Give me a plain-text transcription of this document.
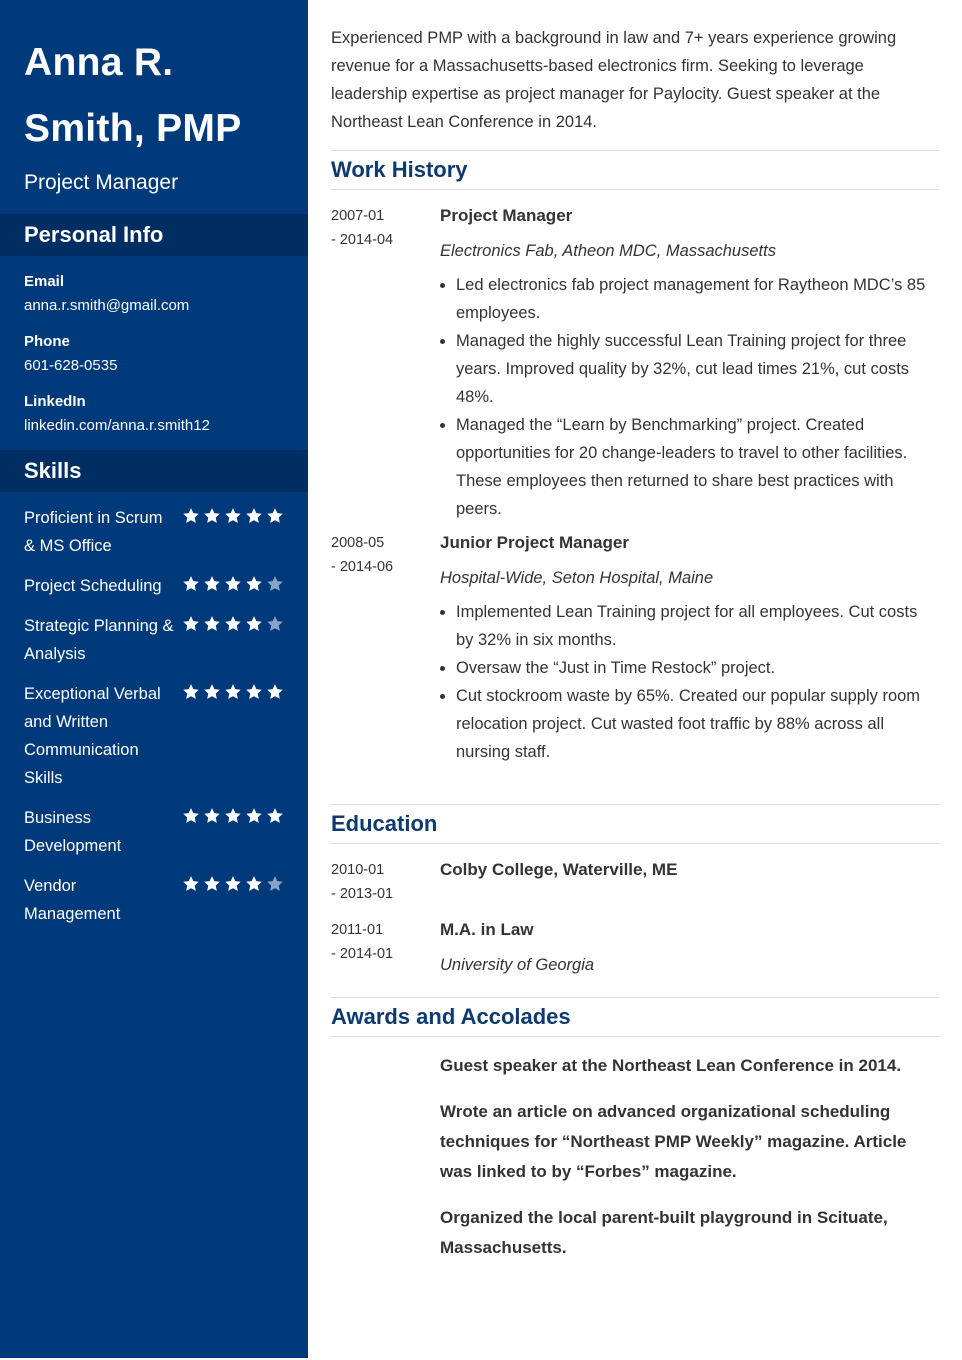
Anna R.
Smith, PMP
Project Manager
Personal Info
Email
anna.r.smith@gmail.com
Phone
601-628-0535
LinkedIn
linkedin.com/anna.r.smith12
Skills
Proficient in Scrum & MS Office
Project Scheduling
Strategic Planning & Analysis
Exceptional Verbal and Written Communication Skills
Business Development
Vendor Management

Experienced PMP with a background in law and 7+ years experience growing revenue for a Massachusetts-based electronics firm. Seeking to leverage leadership expertise as project manager for Paylocity. Guest speaker at the Northeast Lean Conference in 2014.

Work History
2007-01
- 2014-04
Project Manager
Electronics Fab, Atheon MDC, Massachusetts
• Led electronics fab project management for Raytheon MDC’s 85 employees.
• Managed the highly successful Lean Training project for three years. Improved quality by 32%, cut lead times 21%, cut costs 48%.
• Managed the “Learn by Benchmarking” project. Created opportunities for 20 change-leaders to travel to other facilities. These employees then returned to share best practices with peers.
2008-05
- 2014-06
Junior Project Manager
Hospital-Wide, Seton Hospital, Maine
• Implemented Lean Training project for all employees. Cut costs by 32% in six months.
• Oversaw the “Just in Time Restock” project.
• Cut stockroom waste by 65%. Created our popular supply room relocation project. Cut wasted foot traffic by 88% across all nursing staff.
Education
2010-01
- 2013-01
Colby College, Waterville, ME
2011-01
- 2014-01
M.A. in Law
University of Georgia
Awards and Accolades
Guest speaker at the Northeast Lean Conference in 2014.
Wrote an article on advanced organizational scheduling techniques for “Northeast PMP Weekly” magazine. Article was linked to by “Forbes” magazine.
Organized the local parent-built playground in Scituate, Massachusetts.
